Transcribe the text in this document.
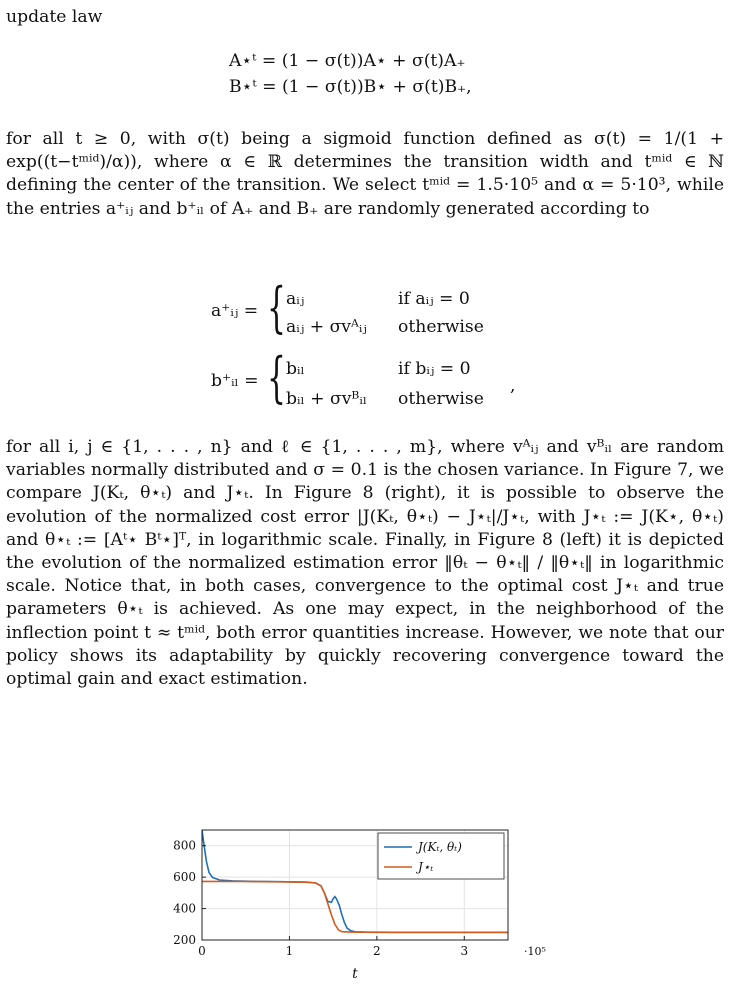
update law

A⋆ᵗ = (1 − σ(t))A⋆ + σ(t)A₊
B⋆ᵗ = (1 − σ(t))B⋆ + σ(t)B₊,

for all t ≥ 0, with σ(t) being a sigmoid function defined as σ(t) = 1/(1 + exp((t−tᵐⁱᵈ)/α)), where α ∈ ℝ determines the transition width and tᵐⁱᵈ ∈ ℕ defining the center of the transition. We select tᵐⁱᵈ = 1.5·10⁵ and α = 5·10³, while the entries a⁺ᵢⱼ and b⁺ᵢₗ of A₊ and B₊ are randomly generated according to

a⁺ᵢⱼ = { aᵢⱼ	if aᵢⱼ = 0
aᵢⱼ + σvᴬᵢⱼ otherwise
b⁺ᵢₗ = { bᵢₗ	if bᵢⱼ = 0
bᵢₗ + σvᴮᵢₗ otherwise
,

for all i, j ∈ {1, . . . , n} and ℓ ∈ {1, . . . , m}, where vᴬᵢⱼ and vᴮᵢₗ are random variables normally distributed and σ = 0.1 is the chosen variance. In Figure 7, we compare J(Kₜ, θ⋆ₜ) and J⋆ₜ. In Figure 8 (right), it is possible to observe the evolution of the normalized cost error |J(Kₜ, θ⋆ₜ) − J⋆ₜ|/J⋆ₜ, with J⋆ₜ := J(K⋆, θ⋆ₜ) and θ⋆ₜ := [Aᵗ⋆ Bᵗ⋆]ᵀ, in logarithmic scale. Finally, in Figure 8 (left) it is depicted the evolution of the normalized estimation error ‖θₜ − θ⋆ₜ‖ / ‖θ⋆ₜ‖ in logarithmic scale. Notice that, in both cases, convergence to the optimal cost J⋆ₜ and true parameters θ⋆ₜ is achieved. As one may expect, in the neighborhood of the inflection point t ≈ tᵐⁱᵈ, both error quantities increase. However, we note that our policy shows its adaptability by quickly recovering convergence toward the optimal gain and exact estimation.

0	1	2	3
200
400
600
800
·10⁵
t
J(Kₜ, θₜ)
J⋆ₜ
